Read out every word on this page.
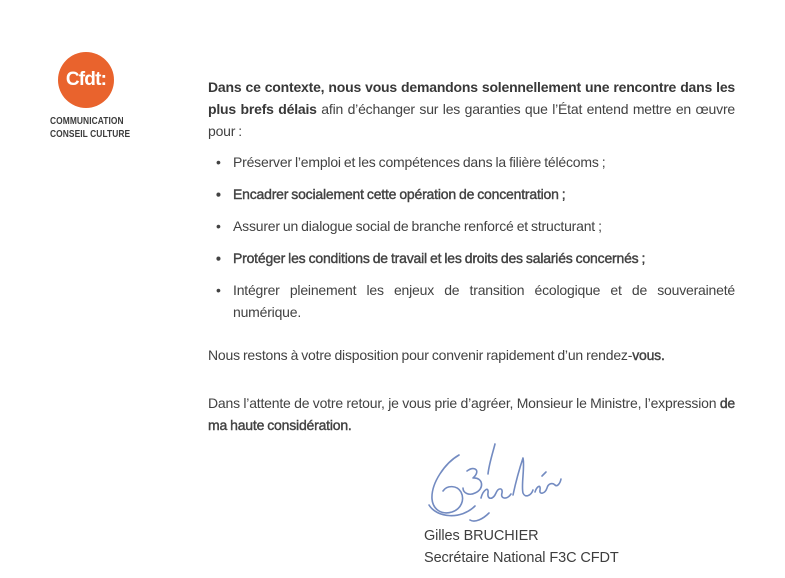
Cfdt:
COMMUNICATION
CONSEIL CULTURE

Dans ce contexte, nous vous demandons solennellement une rencontre dans les plus brefs délais afin d’échanger sur les garanties que l’État entend mettre en œuvre pour :

• Préserver l’emploi et les compétences dans la filière télécoms ;
• Encadrer socialement cette opération de concentration ;
• Assurer un dialogue social de branche renforcé et structurant ;
• Protéger les conditions de travail et les droits des salariés concernés ;
• Intégrer pleinement les enjeux de transition écologique et de souveraineté numérique.

Nous restons à votre disposition pour convenir rapidement d’un rendez-vous.

Dans l’attente de votre retour, je vous prie d’agréer, Monsieur le Ministre, l’expression de ma haute considération.

Gilles BRUCHIER
Secrétaire National F3C CFDT
